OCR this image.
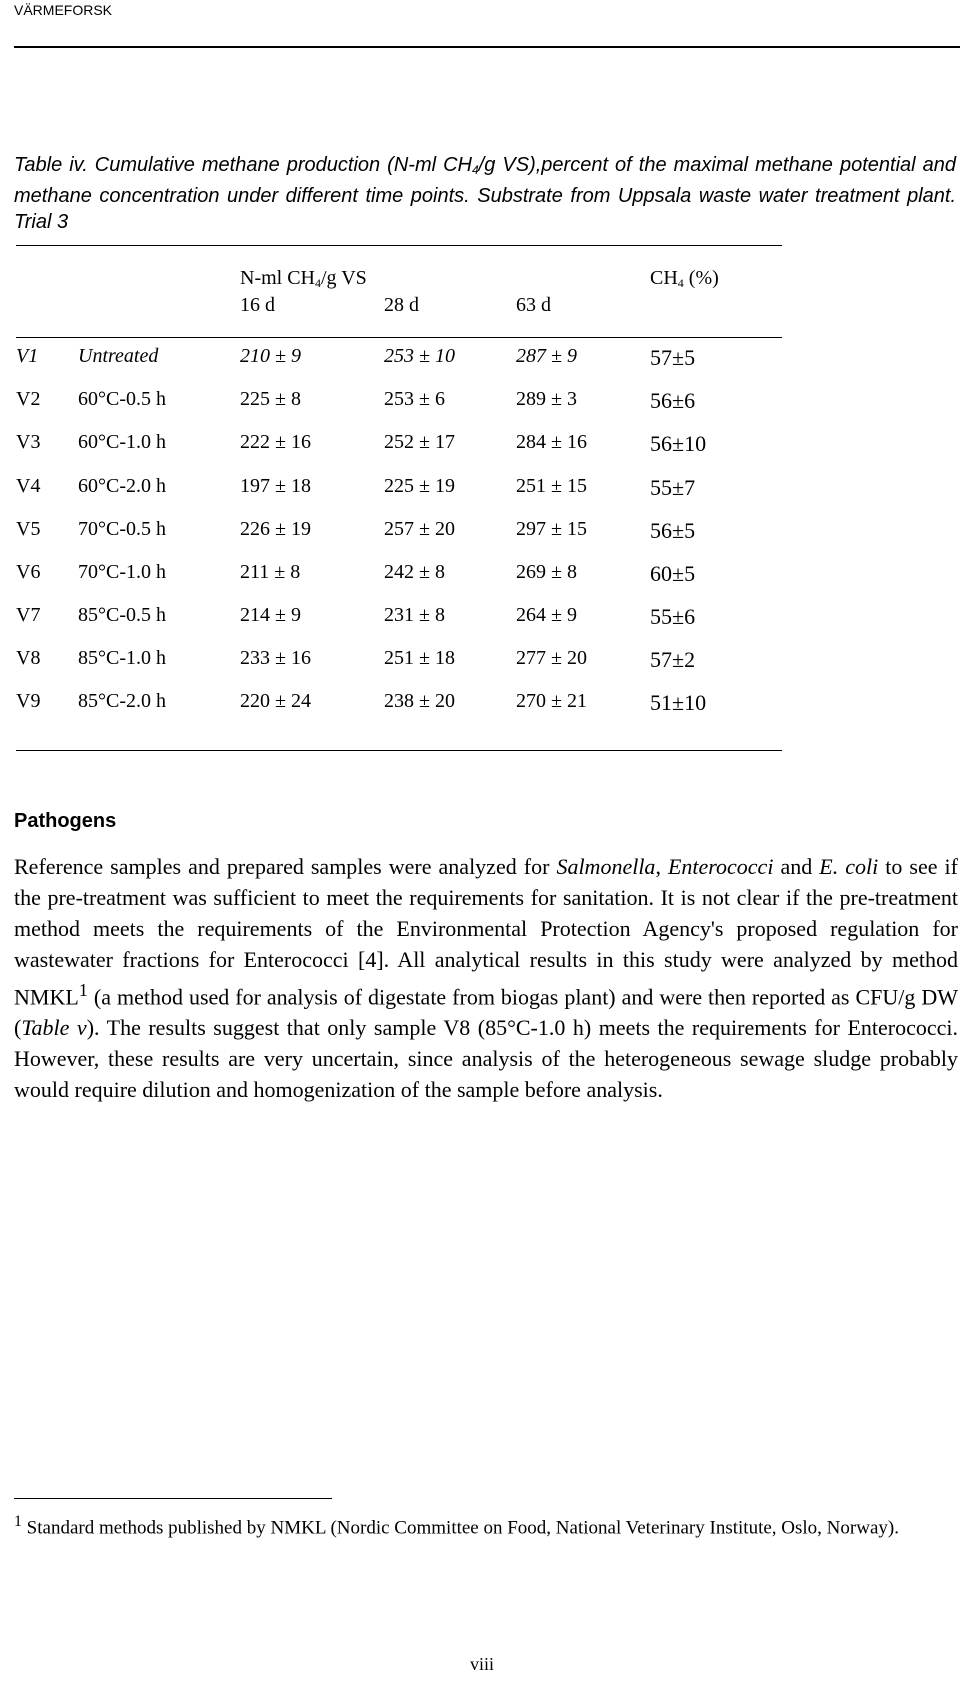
VÄRMEFORSK
Table iv. Cumulative methane production (N-ml $CH_4/g$ VS),percent of the maximal methane potential and methane concentration under different time points. Substrate from Uppsala waste water treatment plant. Trial 3
N-ml $CH_4/g$ VS	$CH_4$ (%)
16 d	28 d	63 d
V1 Untreated	210 ± 9	253 ± 10	287 ± 9	57±5
V2 60°C-0.5 h	225 ± 8	253 ± 6	289 ± 3	56±6
V3 60°C-1.0 h	222 ± 16	252 ± 17	284 ± 16	56±10
V4 60°C-2.0 h	197 ± 18	225 ± 19	251 ± 15	55±7
V5 70°C-0.5 h	226 ± 19	257 ± 20	297 ± 15	56±5
V6 70°C-1.0 h	211 ± 8	242 ± 8	269 ± 8	60±5
V7 85°C-0.5 h	214 ± 9	231 ± 8	264 ± 9	55±6
V8 85°C-1.0 h	233 ± 16	251 ± 18	277 ± 20	57±2
V9 85°C-2.0 h	220 ± 24	238 ± 20	270 ± 21	51±10
Pathogens

Reference samples and prepared samples were analyzed for Salmonella, Enterococci and E. coli to see if the pre-treatment was sufficient to meet the requirements for sanitation. It is not clear if the pre-treatment method meets the requirements of the Environmental Protection Agency's proposed regulation for wastewater fractions for Enterococci [4]. All analytical results in this study were analyzed by method NMKL$^1$ (a method used for analysis of digestate from biogas plant) and were then reported as CFU/g DW (Table v). The results suggest that only sample V8 (85°C-1.0 h) meets the requirements for Enterococci. However, these results are very uncertain, since analysis of the heterogeneous sewage sludge probably would require dilution and homogenization of the sample before analysis.

$^1$ Standard methods published by NMKL (Nordic Committee on Food, National Veterinary Institute, Oslo, Norway).
viii
